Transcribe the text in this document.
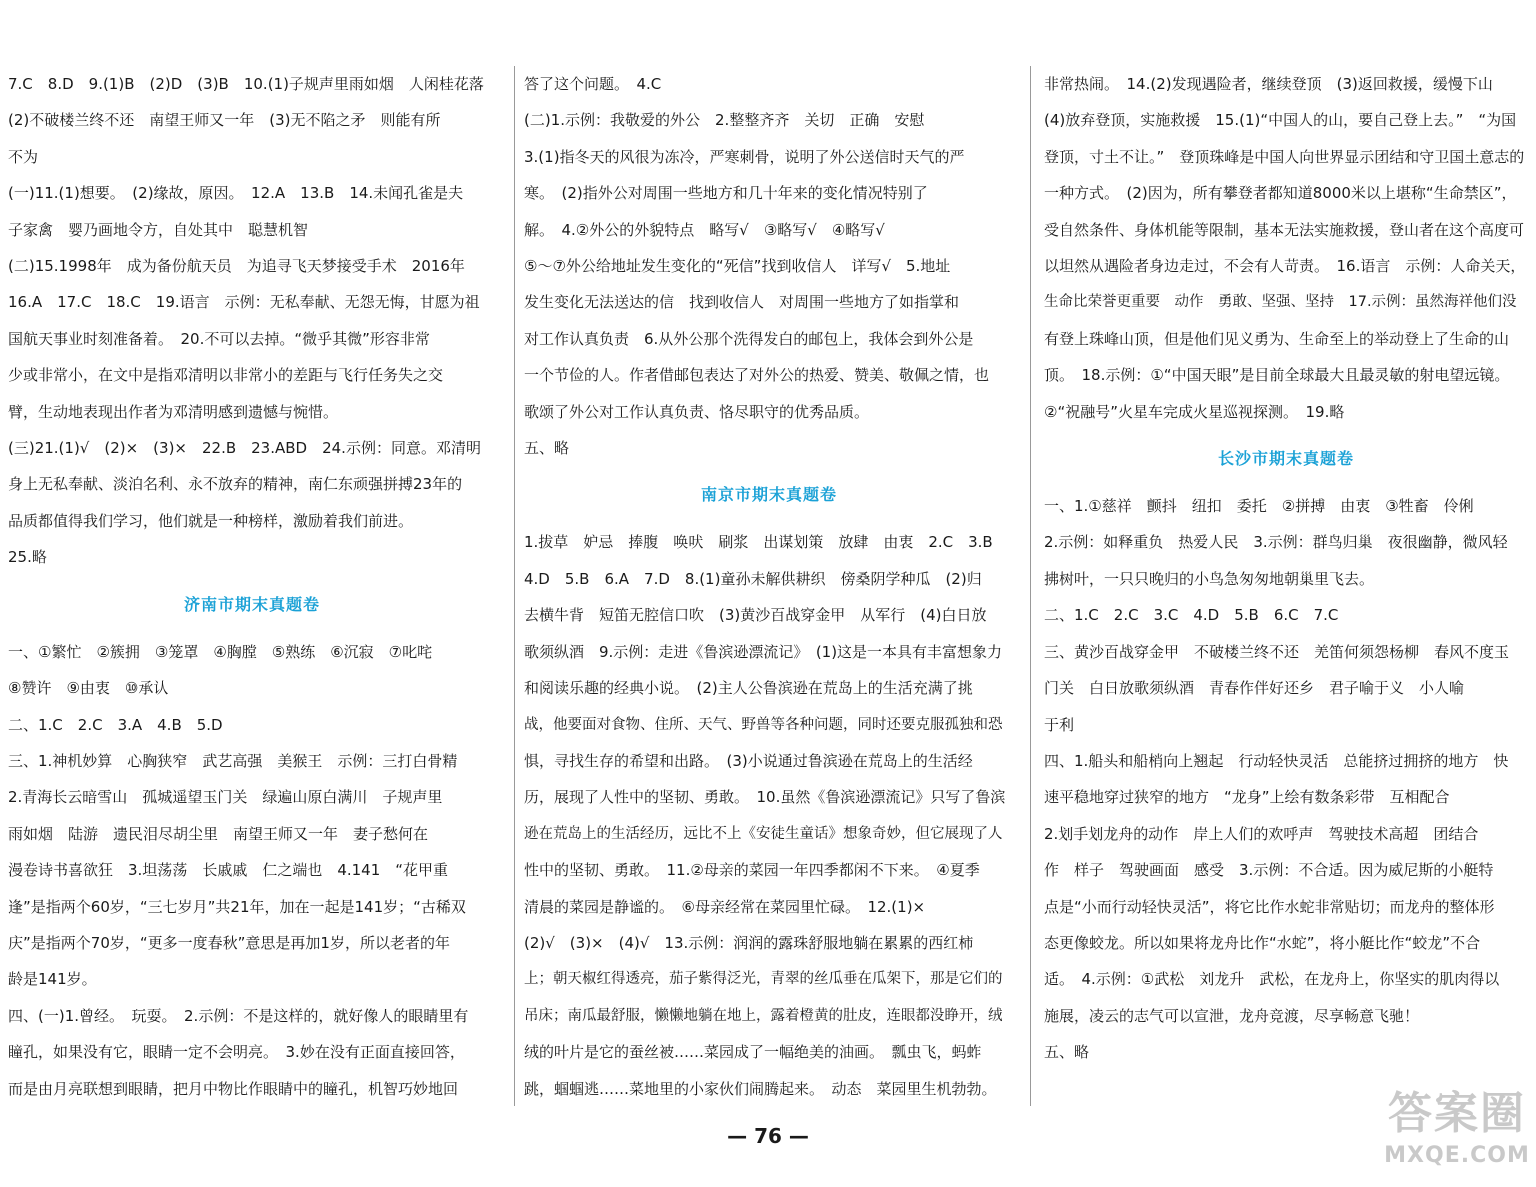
7.C　8.D　9.(1)B　(2)D　(3)B　10.(1)子规声里雨如烟　人闲桂花落

(2)不破楼兰终不还　南望王师又一年　(3)无不陷之矛　则能有所

不为

(一)11.(1)想要。　(2)缘故，原因。　12.A　13.B　14.未闻孔雀是夫

子家禽　婴乃画地令方，自处其中　聪慧机智

(二)15.1998年　成为备份航天员　为追寻飞天梦接受手术　2016年

16.A　17.C　18.C　19.语言　示例：无私奉献、无怨无悔，甘愿为祖

国航天事业时刻准备着。　20.不可以去掉。“微乎其微”形容非常

少或非常小，在文中是指邓清明以非常小的差距与飞行任务失之交

臂，生动地表现出作者为邓清明感到遗憾与惋惜。

(三)21.(1)√　(2)×　(3)×　22.B　23.ABD　24.示例：同意。邓清明

身上无私奉献、淡泊名利、永不放弃的精神，南仁东顽强拼搏23年的

品质都值得我们学习，他们就是一种榜样，激励着我们前进。

25.略

济南市期末真题卷

一、①繁忙　②簇拥　③笼罩　④胸膛　⑤熟练　⑥沉寂　⑦叱咤

⑧赞许　⑨由衷　⑩承认

二、1.C　2.C　3.A　4.B　5.D

三、1.神机妙算　心胸狭窄　武艺高强　美猴王　示例：三打白骨精

2.青海长云暗雪山　孤城遥望玉门关　绿遍山原白满川　子规声里

雨如烟　陆游　遗民泪尽胡尘里　南望王师又一年　妻子愁何在

漫卷诗书喜欲狂　3.坦荡荡　长戚戚　仁之端也　4.141　“花甲重

逢”是指两个60岁，“三七岁月”共21年，加在一起是141岁；“古稀双

庆”是指两个70岁，“更多一度春秋”意思是再加1岁，所以老者的年

龄是141岁。

四、(一)1.曾经。　玩耍。　2.示例：不是这样的，就好像人的眼睛里有

瞳孔，如果没有它，眼睛一定不会明亮。　3.妙在没有正面直接回答，

而是由月亮联想到眼睛，把月中物比作眼睛中的瞳孔，机智巧妙地回

答了这个问题。　4.C

(二)1.示例：我敬爱的外公　2.整整齐齐　关切　正确　安慰

3.(1)指冬天的风很为冻冷，严寒刺骨，说明了外公送信时天气的严

寒。　(2)指外公对周围一些地方和几十年来的变化情况特别了

解。　4.②外公的外貌特点　略写√　③略写√　④略写√

⑤～⑦外公给地址发生变化的“死信”找到收信人　详写√　5.地址

发生变化无法送达的信　找到收信人　对周围一些地方了如指掌和

对工作认真负责　6.从外公那个洗得发白的邮包上，我体会到外公是

一个节俭的人。作者借邮包表达了对外公的热爱、赞美、敬佩之情，也

歌颂了外公对工作认真负责、恪尽职守的优秀品质。

五、略

南京市期末真题卷

1.拔草　妒忌　捧腹　唤吠　刷浆　出谋划策　放肆　由衷　2.C　3.B

4.D　5.B　6.A　7.D　8.(1)童孙未解供耕织　傍桑阴学种瓜　(2)归

去横牛背　短笛无腔信口吹　(3)黄沙百战穿金甲　从军行　(4)白日放

歌须纵酒　9.示例：走进《鲁滨逊漂流记》　(1)这是一本具有丰富想象力

和阅读乐趣的经典小说。　(2)主人公鲁滨逊在荒岛上的生活充满了挑

战，他要面对食物、住所、天气、野兽等各种问题，同时还要克服孤独和恐

惧，寻找生存的希望和出路。　(3)小说通过鲁滨逊在荒岛上的生活经

历，展现了人性中的坚韧、勇敢。　10.虽然《鲁滨逊漂流记》只写了鲁滨

逊在荒岛上的生活经历，远比不上《安徒生童话》想象奇妙，但它展现了人

性中的坚韧、勇敢。　11.②母亲的菜园一年四季都闲不下来。　④夏季

清晨的菜园是静谧的。　⑥母亲经常在菜园里忙碌。　12.(1)×

(2)√　(3)×　(4)√　13.示例：润润的露珠舒服地躺在累累的西红柿

上；朝天椒红得透亮，茄子紫得泛光，青翠的丝瓜垂在瓜架下，那是它们的

吊床；南瓜最舒服，懒懒地躺在地上，露着橙黄的肚皮，连眼都没睁开，绒

绒的叶片是它的蚕丝被……菜园成了一幅绝美的油画。　瓢虫飞，蚂蚱

跳，蝈蝈逃……菜地里的小家伙们闹腾起来。　动态　菜园里生机勃勃。

非常热闹。　14.(2)发现遇险者，继续登顶　(3)返回救援，缓慢下山

(4)放弃登顶，实施救援　15.(1)“中国人的山，要自己登上去。”　“为国

登顶，寸土不让。”　登顶珠峰是中国人向世界显示团结和守卫国土意志的

一种方式。　(2)因为，所有攀登者都知道8000米以上堪称“生命禁区”，

受自然条件、身体机能等限制，基本无法实施救援，登山者在这个高度可

以坦然从遇险者身边走过，不会有人苛责。　16.语言　示例：人命关天，

生命比荣誉更重要　动作　勇敢、坚强、坚持　17.示例：虽然海祥他们没

有登上珠峰山顶，但是他们见义勇为、生命至上的举动登上了生命的山

顶。　18.示例：①“中国天眼”是目前全球最大且最灵敏的射电望远镜。

②“祝融号”火星车完成火星巡视探测。　19.略

长沙市期末真题卷

一、1.①慈祥　颤抖　纽扣　委托　②拼搏　由衷　③牲畜　伶俐

2.示例：如释重负　热爱人民　3.示例：群鸟归巢　夜很幽静，微风轻

拂树叶，一只只晚归的小鸟急匆匆地朝巢里飞去。

二、1.C　2.C　3.C　4.D　5.B　6.C　7.C

三、黄沙百战穿金甲　不破楼兰终不还　羌笛何须怨杨柳　春风不度玉

门关　白日放歌须纵酒　青春作伴好还乡　君子喻于义　小人喻

于利

四、1.船头和船梢向上翘起　行动轻快灵活　总能挤过拥挤的地方　快

速平稳地穿过狭窄的地方　“龙身”上绘有数条彩带　互相配合

2.划手划龙舟的动作　岸上人们的欢呼声　驾驶技术高超　团结合

作　样子　驾驶画面　感受　3.示例：不合适。因为威尼斯的小艇特

点是“小而行动轻快灵活”，将它比作水蛇非常贴切；而龙舟的整体形

态更像蛟龙。所以如果将龙舟比作“水蛇”，将小艇比作“蛟龙”不合

适。　4.示例：①武松　刘龙升　武松，在龙舟上，你坚实的肌肉得以

施展，凌云的志气可以宣泄，龙舟竞渡，尽享畅意飞驰！

五、略

— 76 —	答案圈
MXQE.COM
